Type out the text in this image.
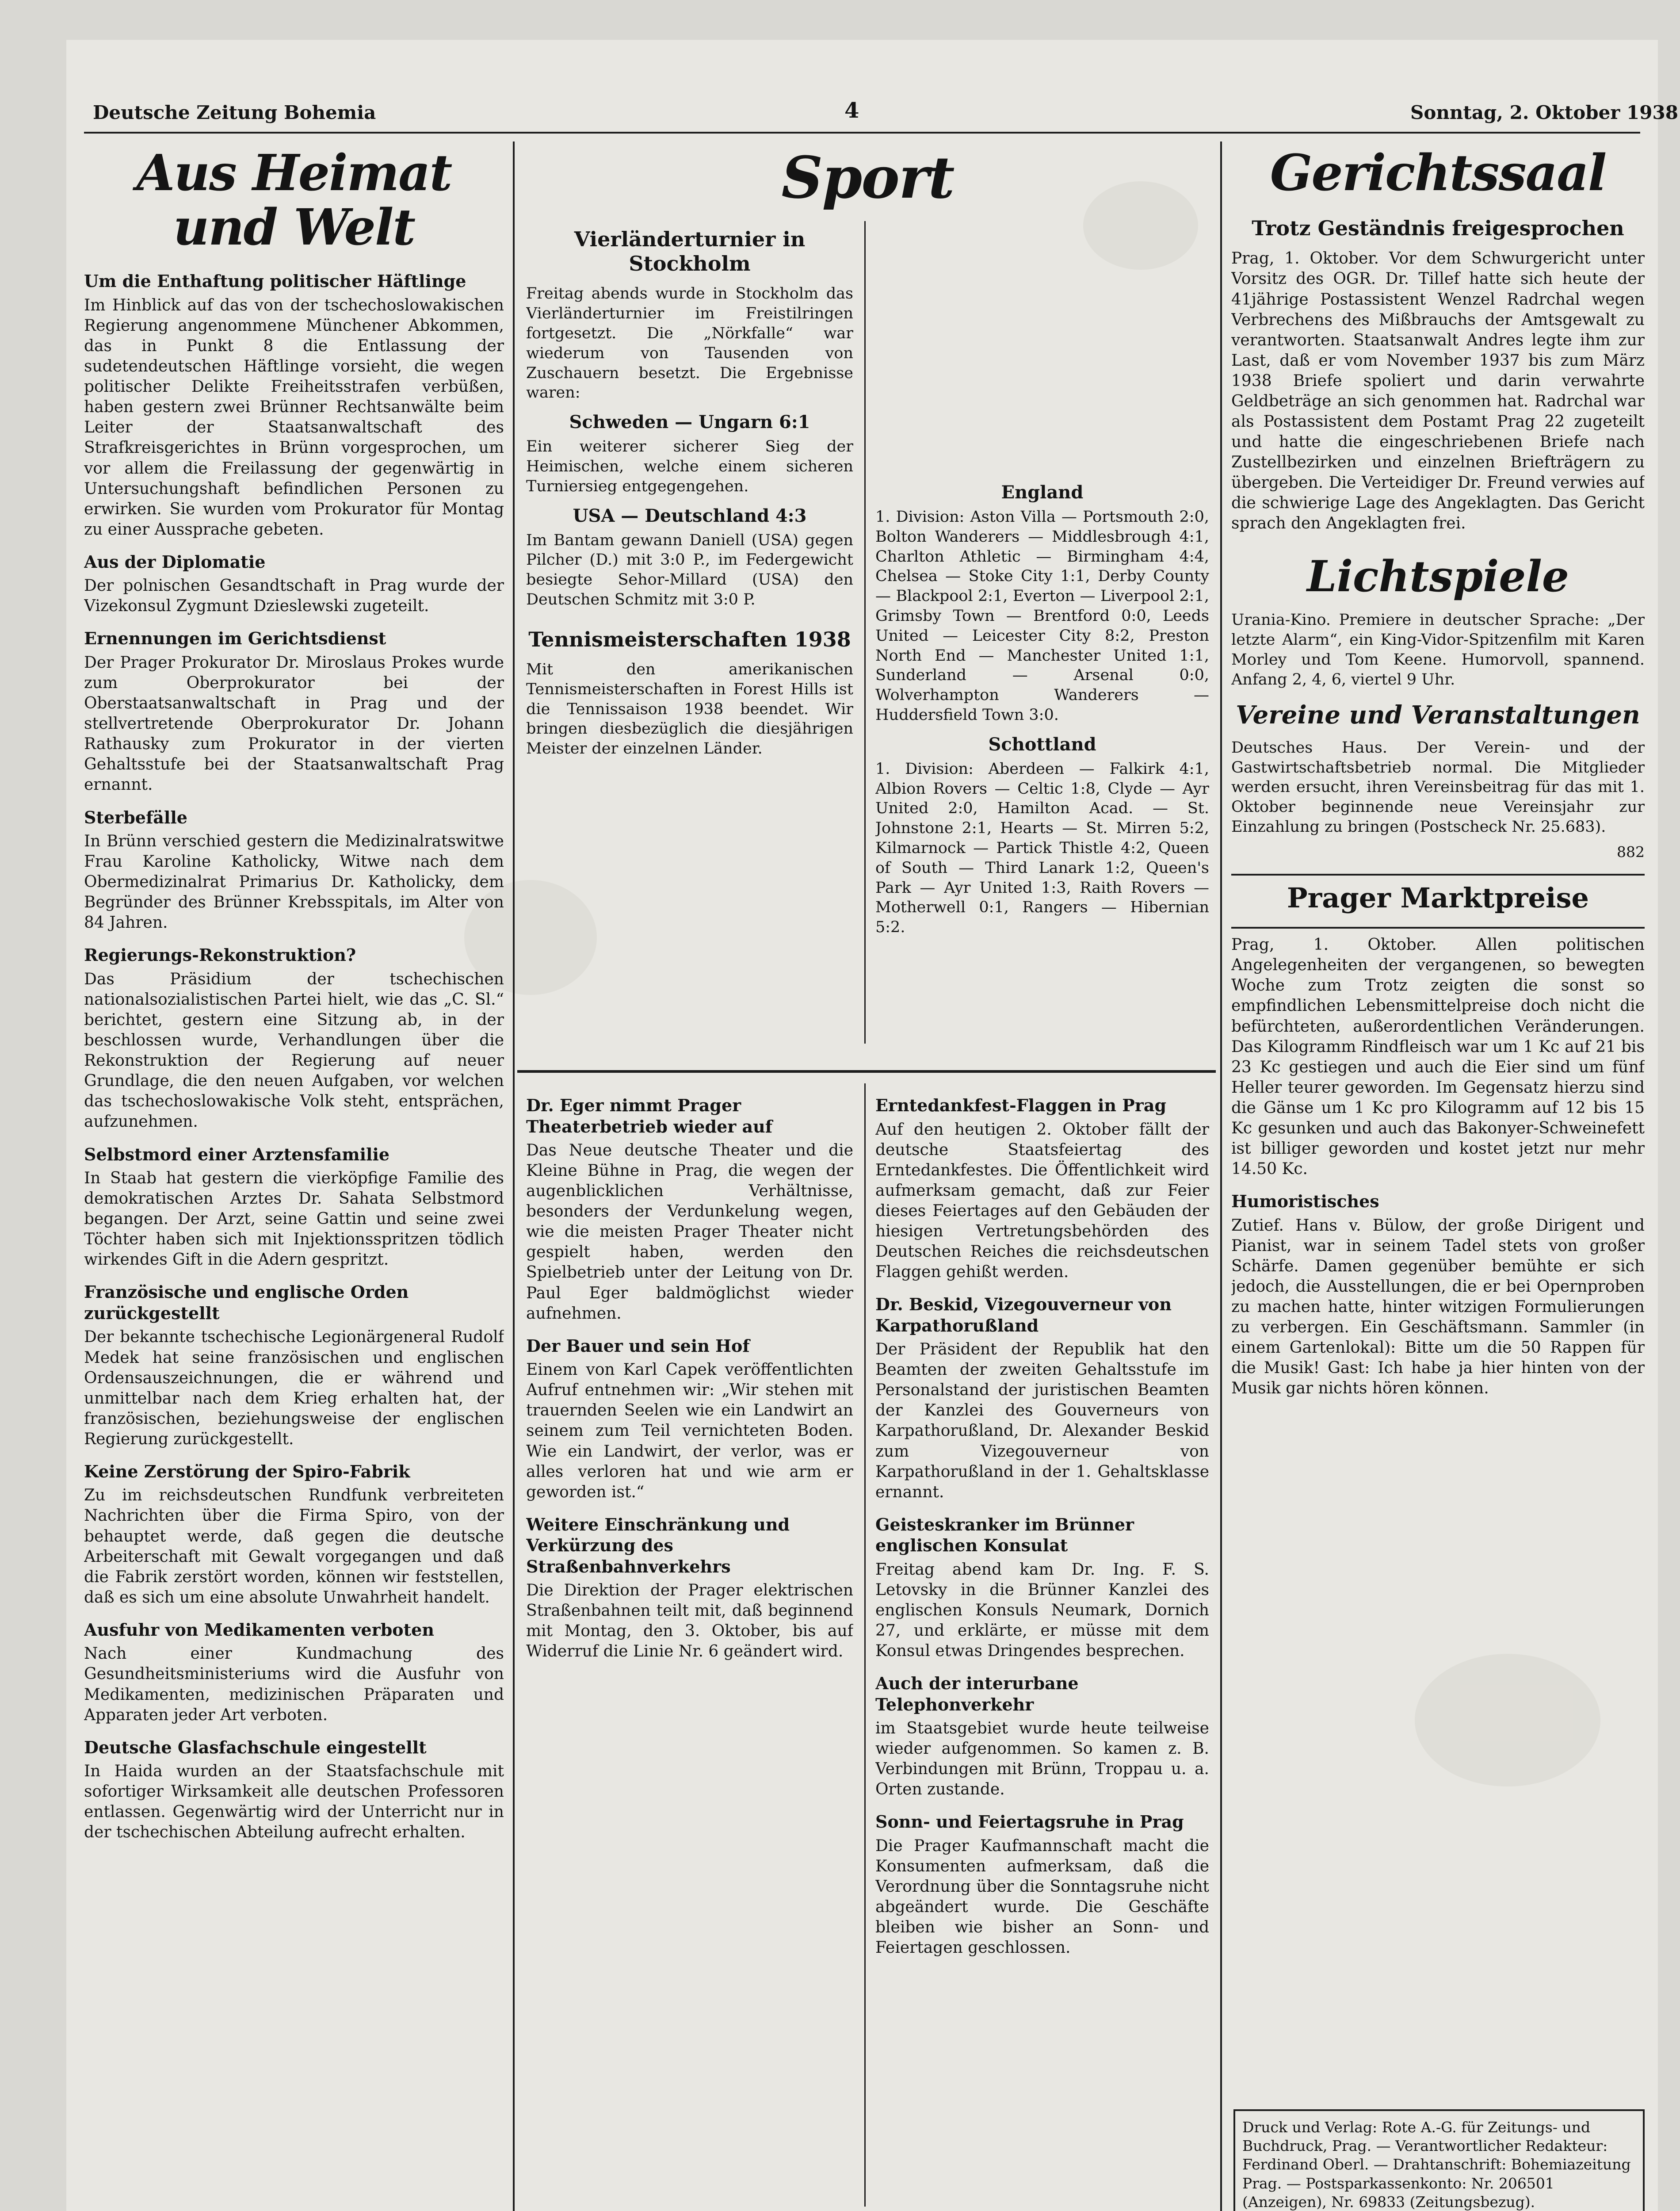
Deutsche Zeitung Bohemia	4	Sonntag, 2. Oktober 1938
Aus Heimat und Welt
Um die Enthaftung politischer Häftlinge

Im Hinblick auf das von der tschechoslowakischen Regierung angenommene Münchener Abkommen, das in Punkt 8 die Entlassung der sudetendeutschen Häftlinge vorsieht, die wegen politischer Delikte Freiheitsstrafen verbüßen, haben gestern zwei Brünner Rechtsanwälte beim Leiter der Staatsanwaltschaft des Strafkreisgerichtes in Brünn vorgesprochen, um vor allem die Freilassung der gegenwärtig in Untersuchungshaft befindlichen Personen zu erwirken. Sie wurden vom Prokurator für Montag zu einer Aussprache gebeten.

Aus der Diplomatie

Der polnischen Gesandtschaft in Prag wurde der Vizekonsul Zygmunt Dzieslewski zugeteilt.

Ernennungen im Gerichtsdienst

Der Prager Prokurator Dr. Miroslaus Prokes wurde zum Oberprokurator bei der Oberstaatsanwaltschaft in Prag und der stellvertretende Oberprokurator Dr. Johann Rathausky zum Prokurator in der vierten Gehaltsstufe bei der Staatsanwaltschaft Prag ernannt.

Sterbefälle

In Brünn verschied gestern die Medizinalratswitwe Frau Karoline Katholicky, Witwe nach dem Obermedizinalrat Primarius Dr. Katholicky, dem Begründer des Brünner Krebsspitals, im Alter von 84 Jahren.

Regierungs-Rekonstruktion?

Das Präsidium der tschechischen nationalsozialistischen Partei hielt, wie das „C. Sl.“ berichtet, gestern eine Sitzung ab, in der beschlossen wurde, Verhandlungen über die Rekonstruktion der Regierung auf neuer Grundlage, die den neuen Aufgaben, vor welchen das tschechoslowakische Volk steht, entsprächen, aufzunehmen.

Selbstmord einer Arztensfamilie

In Staab hat gestern die vierköpfige Familie des demokratischen Arztes Dr. Sahata Selbstmord begangen. Der Arzt, seine Gattin und seine zwei Töchter haben sich mit Injektionsspritzen tödlich wirkendes Gift in die Adern gespritzt.

Französische und englische Orden zurückgestellt

Der bekannte tschechische Legionärgeneral Rudolf Medek hat seine französischen und englischen Ordensauszeichnungen, die er während und unmittelbar nach dem Krieg erhalten hat, der französischen, beziehungsweise der englischen Regierung zurückgestellt.

Keine Zerstörung der Spiro-Fabrik

Zu im reichsdeutschen Rundfunk verbreiteten Nachrichten über die Firma Spiro, von der behauptet werde, daß gegen die deutsche Arbeiterschaft mit Gewalt vorgegangen und daß die Fabrik zerstört worden, können wir feststellen, daß es sich um eine absolute Unwahrheit handelt.

Ausfuhr von Medikamenten verboten

Nach einer Kundmachung des Gesundheitsministeriums wird die Ausfuhr von Medikamenten, medizinischen Präparaten und Apparaten jeder Art verboten.

Deutsche Glasfachschule eingestellt

In Haida wurden an der Staatsfachschule mit sofortiger Wirksamkeit alle deutschen Professoren entlassen. Gegenwärtig wird der Unterricht nur in der tschechischen Abteilung aufrecht erhalten.

Sport
Vierländerturnier in Stockholm

Freitag abends wurde in Stockholm das Vierländerturnier im Freistilringen fortgesetzt. Die „Nörkfalle“ war wiederum von Tausenden von Zuschauern besetzt. Die Ergebnisse waren:

Schweden — Ungarn 6:1

Ein weiterer sicherer Sieg der Heimischen, welche einem sicheren Turniersieg entgegengehen.

USA — Deutschland 4:3

Im Bantam gewann Daniell (USA) gegen Pilcher (D.) mit 3:0 P., im Federgewicht besiegte Sehor-Millard (USA) den Deutschen Schmitz mit 3:0 P.

Tennismeisterschaften 1938

Mit den amerikanischen Tennismeisterschaften in Forest Hills ist die Tennissaison 1938 beendet. Wir bringen diesbezüglich die diesjährigen Meister der einzelnen Länder.

England

1. Division: Aston Villa — Portsmouth 2:0, Bolton Wanderers — Middlesbrough 4:1, Charlton Athletic — Birmingham 4:4, Chelsea — Stoke City 1:1, Derby County — Blackpool 2:1, Everton — Liverpool 2:1, Grimsby Town — Brentford 0:0, Leeds United — Leicester City 8:2, Preston North End — Manchester United 1:1, Sunderland — Arsenal 0:0, Wolverhampton Wanderers — Huddersfield Town 3:0.

Schottland

1. Division: Aberdeen — Falkirk 4:1, Albion Rovers — Celtic 1:8, Clyde — Ayr United 2:0, Hamilton Acad. — St. Johnstone 2:1, Hearts — St. Mirren 5:2, Kilmarnock — Partick Thistle 4:2, Queen of South — Third Lanark 1:2, Queen's Park — Ayr United 1:3, Raith Rovers — Motherwell 0:1, Rangers — Hibernian 5:2.

Dr. Eger nimmt Prager Theaterbetrieb wieder auf

Das Neue deutsche Theater und die Kleine Bühne in Prag, die wegen der augenblicklichen Verhältnisse, besonders der Verdunkelung wegen, wie die meisten Prager Theater nicht gespielt haben, werden den Spielbetrieb unter der Leitung von Dr. Paul Eger baldmöglichst wieder aufnehmen.

Der Bauer und sein Hof

Einem von Karl Capek veröffentlichten Aufruf entnehmen wir: „Wir stehen mit trauernden Seelen wie ein Landwirt an seinem zum Teil vernichteten Boden. Wie ein Landwirt, der verlor, was er alles verloren hat und wie arm er geworden ist.“

Weitere Einschränkung und Verkürzung des Straßenbahnverkehrs

Die Direktion der Prager elektrischen Straßenbahnen teilt mit, daß beginnend mit Montag, den 3. Oktober, bis auf Widerruf die Linie Nr. 6 geändert wird.

Erntedankfest-Flaggen in Prag

Auf den heutigen 2. Oktober fällt der deutsche Staatsfeiertag des Erntedankfestes. Die Öffentlichkeit wird aufmerksam gemacht, daß zur Feier dieses Feiertages auf den Gebäuden der hiesigen Vertretungsbehörden des Deutschen Reiches die reichsdeutschen Flaggen gehißt werden.

Dr. Beskid, Vizegouverneur von Karpathorußland

Der Präsident der Republik hat den Beamten der zweiten Gehaltsstufe im Personalstand der juristischen Beamten der Kanzlei des Gouverneurs von Karpathorußland, Dr. Alexander Beskid zum Vizegouverneur von Karpathorußland in der 1. Gehaltsklasse ernannt.

Geisteskranker im Brünner englischen Konsulat

Freitag abend kam Dr. Ing. F. S. Letovsky in die Brünner Kanzlei des englischen Konsuls Neumark, Dornich 27, und erklärte, er müsse mit dem Konsul etwas Dringendes besprechen.

Auch der interurbane Telephonverkehr

im Staatsgebiet wurde heute teilweise wieder aufgenommen. So kamen z. B. Verbindungen mit Brünn, Troppau u. a. Orten zustande.

Sonn- und Feiertagsruhe in Prag

Die Prager Kaufmannschaft macht die Konsumenten aufmerksam, daß die Verordnung über die Sonntagsruhe nicht abgeändert wurde. Die Geschäfte bleiben wie bisher an Sonn- und Feiertagen geschlossen.

Gerichtssaal
Trotz Geständnis freigesprochen

Prag, 1. Oktober. Vor dem Schwurgericht unter Vorsitz des OGR. Dr. Tillef hatte sich heute der 41jährige Postassistent Wenzel Radrchal wegen Verbrechens des Mißbrauchs der Amtsgewalt zu verantworten. Staatsanwalt Andres legte ihm zur Last, daß er vom November 1937 bis zum März 1938 Briefe spoliert und darin verwahrte Geldbeträge an sich genommen hat. Radrchal war als Postassistent dem Postamt Prag 22 zugeteilt und hatte die eingeschriebenen Briefe nach Zustellbezirken und einzelnen Briefträgern zu übergeben. Die Verteidiger Dr. Freund verwies auf die schwierige Lage des Angeklagten. Das Gericht sprach den Angeklagten frei.

Lichtspiele

Urania-Kino. Premiere in deutscher Sprache: „Der letzte Alarm“, ein King-Vidor-Spitzenfilm mit Karen Morley und Tom Keene. Humorvoll, spannend. Anfang 2, 4, 6, viertel 9 Uhr.

Vereine und Veranstaltungen

Deutsches Haus. Der Verein- und der Gastwirtschaftsbetrieb normal. Die Mitglieder werden ersucht, ihren Vereinsbeitrag für das mit 1. Oktober beginnende neue Vereinsjahr zur Einzahlung zu bringen (Postscheck Nr. 25.683).

882
Prager Marktpreise

Prag, 1. Oktober. Allen politischen Angelegenheiten der vergangenen, so bewegten Woche zum Trotz zeigten die sonst so empfindlichen Lebensmittelpreise doch nicht die befürchteten, außerordentlichen Veränderungen. Das Kilogramm Rindfleisch war um 1 Kc auf 21 bis 23 Kc gestiegen und auch die Eier sind um fünf Heller teurer geworden. Im Gegensatz hierzu sind die Gänse um 1 Kc pro Kilogramm auf 12 bis 15 Kc gesunken und auch das Bakonyer-Schweinefett ist billiger geworden und kostet jetzt nur mehr 14.50 Kc.

Humoristisches

Zutief. Hans v. Bülow, der große Dirigent und Pianist, war in seinem Tadel stets von großer Schärfe. Damen gegenüber bemühte er sich jedoch, die Ausstellungen, die er bei Opernproben zu machen hatte, hinter witzigen Formulierungen zu verbergen. Ein Geschäftsmann. Sammler (in einem Gartenlokal): Bitte um die 50 Rappen für die Musik! Gast: Ich habe ja hier hinten von der Musik gar nichts hören können.

Druck und Verlag: Rote A.-G. für Zeitungs- und Buchdruck, Prag. — Verantwortlicher Redakteur: Ferdinand Oberl. — Drahtanschrift: Bohemiazeitung Prag. — Postsparkassenkonto: Nr. 206501 (Anzeigen), Nr. 69833 (Zeitungsbezug).
